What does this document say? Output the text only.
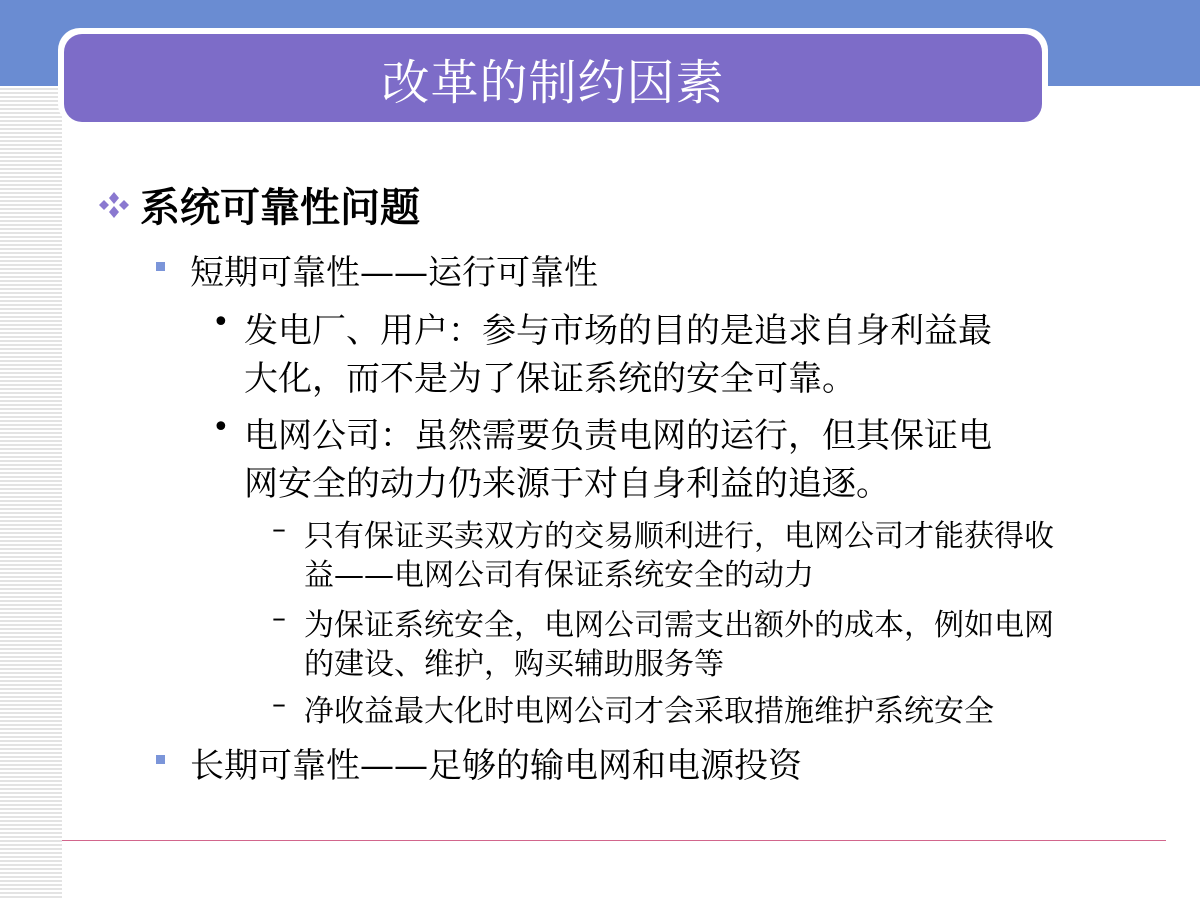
改革的制约因素
系统可靠性问题
短期可靠性——运行可靠性
• 发电厂、用户：参与市场的目的是追求自身利益最
大化，而不是为了保证系统的安全可靠。
• 电网公司：虽然需要负责电网的运行，但其保证电
网安全的动力仍来源于对自身利益的追逐。
– 只有保证买卖双方的交易顺利进行，电网公司才能获得收
益——电网公司有保证系统安全的动力
– 为保证系统安全，电网公司需支出额外的成本，例如电网
的建设、维护，购买辅助服务等
– 净收益最大化时电网公司才会采取措施维护系统安全
长期可靠性——足够的输电网和电源投资
